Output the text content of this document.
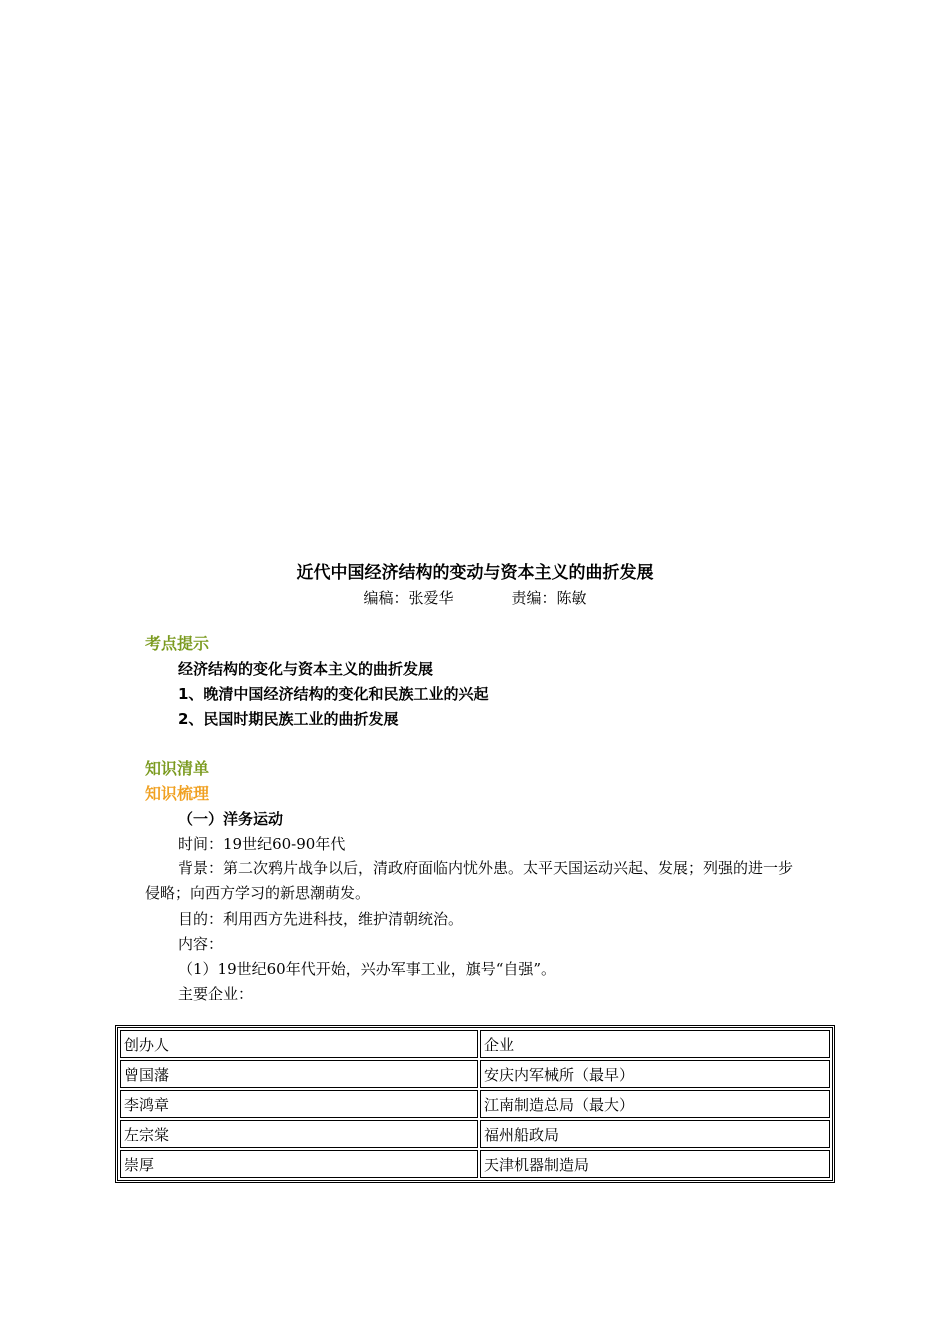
近代中国经济结构的变动与资本主义的曲折发展
编稿：张爱华	责编：陈敏
考点提示
经济结构的变化与资本主义的曲折发展
1、晚清中国经济结构的变化和民族工业的兴起
2、民国时期民族工业的曲折发展
知识清单
知识梳理
（一）洋务运动
时间：19世纪60-90年代
背景：第二次鸦片战争以后，清政府面临内忧外患。太平天国运动兴起、发展；列强的进一步侵略；向西方学习的新思潮萌发。
目的：利用西方先进科技，维护清朝统治。
内容：
（1）19世纪60年代开始，兴办军事工业，旗号“自强”。
主要企业：
创办人	企业
曾国藩	安庆内军械所（最早）
李鸿章	江南制造总局（最大）
左宗棠	福州船政局
崇厚	天津机器制造局
